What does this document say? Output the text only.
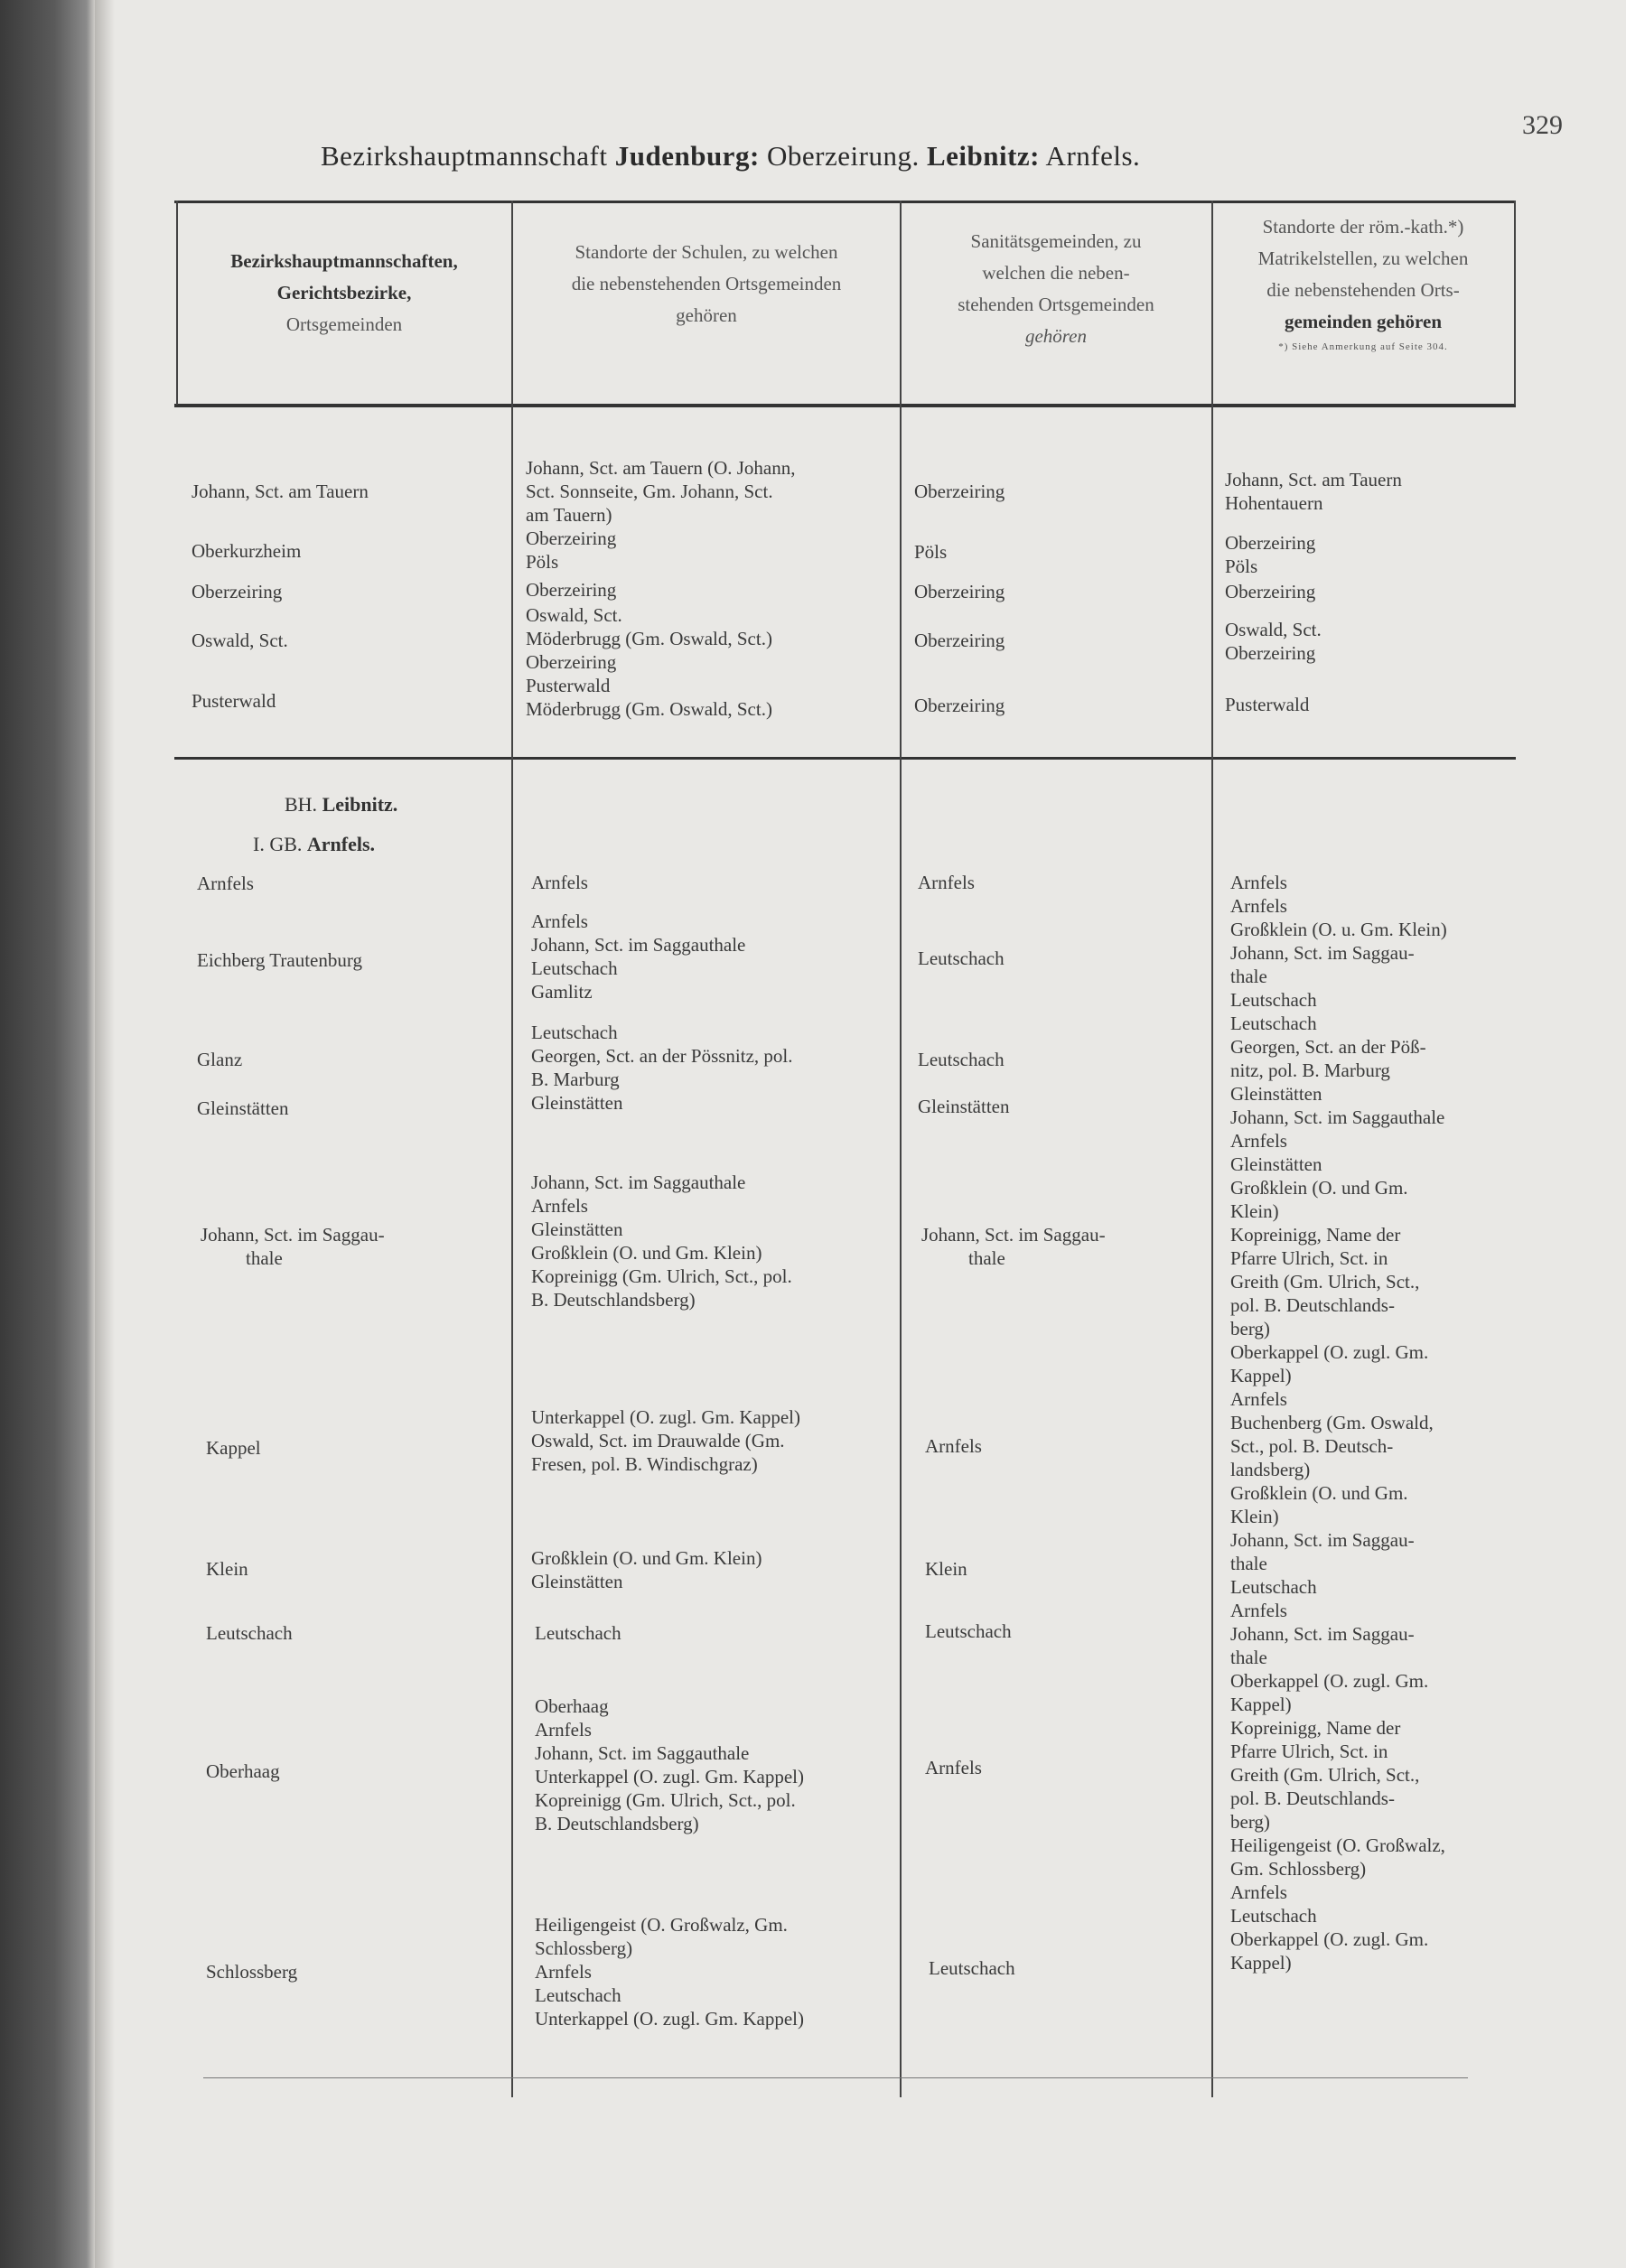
329
Bezirkshauptmannschaft Judenburg: Oberzeirung. Leibnitz: Arnfels.
Bezirkshauptmannschaften,
Gerichtsbezirke,
Ortsgemeinden
Standorte der Schulen, zu welchen
die nebenstehenden Ortsgemeinden
gehören
Sanitätsgemeinden, zu
welchen die neben-
stehenden Ortsgemeinden
gehören
Standorte der röm.-kath.*)
Matrikelstellen, zu welchen
die nebenstehenden Orts-
gemeinden gehören
*) Siehe Anmerkung auf Seite 304.
Johann, Sct. am Tauern
Oberkurzheim
Oberzeiring
Oswald, Sct.
Pusterwald
Johann, Sct. am Tauern (O. Johann,
Sct. Sonnseite, Gm. Johann, Sct.
am Tauern)
Oberzeiring
Pöls
Oberzeiring
Oswald, Sct.
Möderbrugg (Gm. Oswald, Sct.)
Oberzeiring
Pusterwald
Möderbrugg (Gm. Oswald, Sct.)
Oberzeiring
Pöls
Oberzeiring
Oberzeiring
Oberzeiring
Johann, Sct. am Tauern
Hohentauern
Oberzeiring
Pöls
Oberzeiring
Oswald, Sct.
Oberzeiring
Pusterwald
BH. Leibnitz.
I. GB. Arnfels.
Arnfels
Eichberg Trautenburg
Glanz
Gleinstätten
Johann, Sct. im Saggau-
thale
Kappel
Klein
Leutschach
Oberhaag
Schlossberg
Arnfels
Arnfels
Johann, Sct. im Saggauthale
Leutschach
Gamlitz
Leutschach
Georgen, Sct. an der Pössnitz, pol.
B. Marburg
Gleinstätten
Johann, Sct. im Saggauthale
Arnfels
Gleinstätten
Großklein (O. und Gm. Klein)
Kopreinigg (Gm. Ulrich, Sct., pol.
B. Deutschlandsberg)
Unterkappel (O. zugl. Gm. Kappel)
Oswald, Sct. im Drauwalde (Gm.
Fresen, pol. B. Windischgraz)
Großklein (O. und Gm. Klein)
Gleinstätten
Leutschach
Oberhaag
Arnfels
Johann, Sct. im Saggauthale
Unterkappel (O. zugl. Gm. Kappel)
Kopreinigg (Gm. Ulrich, Sct., pol.
B. Deutschlandsberg)
Heiligengeist (O. Großwalz, Gm.
Schlossberg)
Arnfels
Leutschach
Unterkappel (O. zugl. Gm. Kappel)
Arnfels
Leutschach
Leutschach
Gleinstätten
Johann, Sct. im Saggau-
thale
Arnfels
Klein
Leutschach
Arnfels
Leutschach
Arnfels
Arnfels
Großklein (O. u. Gm. Klein)
Johann, Sct. im Saggau-
thale
Leutschach
Leutschach
Georgen, Sct. an der Pöß-
nitz, pol. B. Marburg
Gleinstätten
Johann, Sct. im Saggauthale
Arnfels
Gleinstätten
Großklein (O. und Gm.
Klein)
Kopreinigg, Name der
Pfarre Ulrich, Sct. in
Greith (Gm. Ulrich, Sct.,
pol. B. Deutschlands-
berg)
Oberkappel (O. zugl. Gm.
Kappel)
Arnfels
Buchenberg (Gm. Oswald,
Sct., pol. B. Deutsch-
landsberg)
Großklein (O. und Gm.
Klein)
Johann, Sct. im Saggau-
thale
Leutschach
Arnfels
Johann, Sct. im Saggau-
thale
Oberkappel (O. zugl. Gm.
Kappel)
Kopreinigg, Name der
Pfarre Ulrich, Sct. in
Greith (Gm. Ulrich, Sct.,
pol. B. Deutschlands-
berg)
Heiligengeist (O. Großwalz,
Gm. Schlossberg)
Arnfels
Leutschach
Oberkappel (O. zugl. Gm.
Kappel)
